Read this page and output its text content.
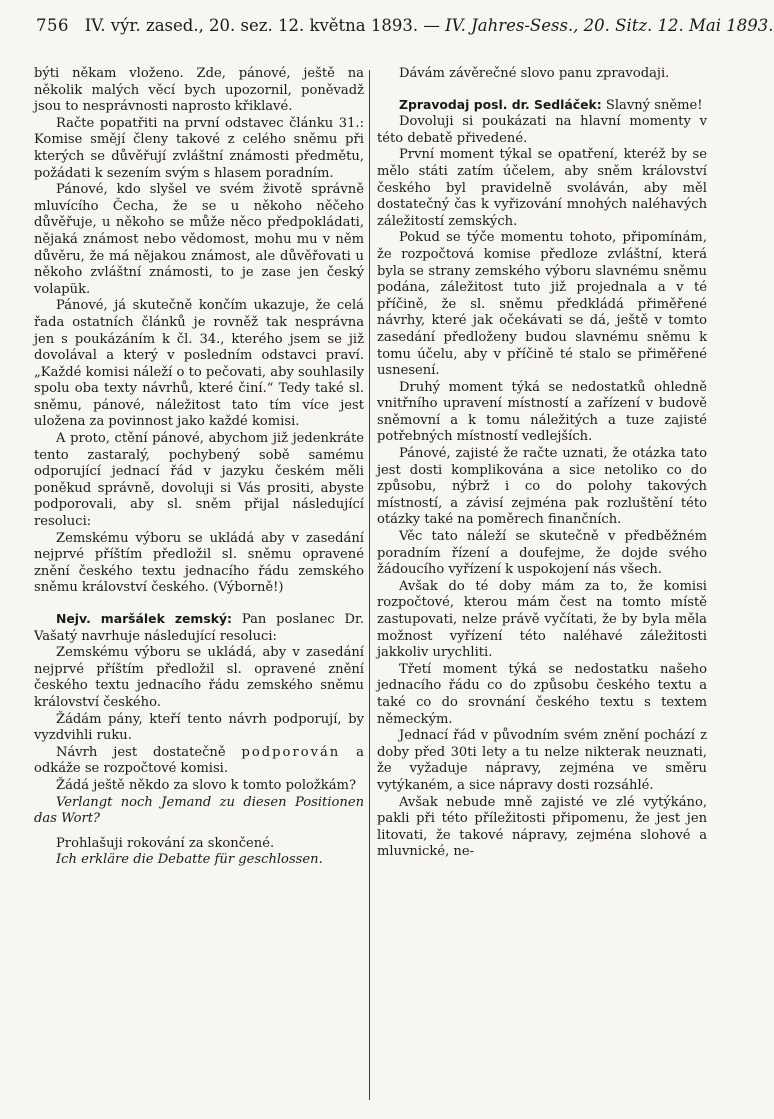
756 IV. výr. zased., 20. sez. 12. května 1893. — IV. Jahres-Sess., 20. Sitz. 12. Mai 1893.

býti někam vloženo. Zde, pánové, ještě na několik malých věcí bych upozornil, poněvadž jsou to nesprávnosti naprosto křiklavé.

Račte popatřiti na první odstavec článku 31.: Komise smějí členy takové z celého sněmu při kterých se důvěřují zvláštní známosti předmětu, požádati k sezením svým s hlasem poradním.

Pánové, kdo slyšel ve svém životě správně mluvícího Čecha, že se u někoho něčeho důvěřuje, u někoho se může něco předpokládati, nějaká známost nebo vědomost, mohu mu v něm důvěru, že má nějakou známost, ale důvěřovati u někoho zvláštní známosti, to je zase jen český volapük.

Pánové, já skutečně končím ukazuje, že celá řada ostatních článků je rovněž tak nesprávna jen s poukázáním k čl. 34., kterého jsem se již dovolával a který v posledním odstavci praví. „Každé komisi náleží o to pečovati, aby souhlasily spolu oba texty návrhů, které činí.“ Tedy také sl. sněmu, pánové, náležitost tato tím více jest uložena za povinnost jako každé komisi.

A proto, ctění pánové, abychom již jedenkráte tento zastaralý, pochybený sobě samému odporující jednací řád v jazyku českém měli poněkud správně, dovoluji si Vás prositi, abyste podporovali, aby sl. sněm přijal následující resoluci:

Zemskému výboru se ukládá aby v zasedání nejprvé příštím předložil sl. sněmu opravené znění českého textu jednacího řádu zemského sněmu království českého. (Výborně!)

Nejv. maršálek zemský: Pan poslanec Dr. Vašatý navrhuje následující resoluci:

Zemskému výboru se ukládá, aby v zasedání nejprvé příštím předložil sl. opravené znění českého textu jednacího řádu zemského sněmu království českého.

Žádám pány, kteří tento návrh podporují, by vyzdvihli ruku.

Návrh jest dostatečně podporován a odkáže se rozpočtové komisi.

Žádá ještě někdo za slovo k tomto položkám?

Verlangt noch Jemand zu diesen Positionen das Wort?

Prohlašuji rokování za skončené.

Ich erkläre die Debatte für geschlossen.

Dávám závěrečné slovo panu zpravodaji.

Zpravodaj posl. dr. Sedláček: Slavný sněme!

Dovoluji si poukázati na hlavní momenty v této debatě přivedené.

První moment týkal se opatření, kteréž by se mělo státi zatím účelem, aby sněm království českého byl pravidelně svoláván, aby měl dostatečný čas k vyřizování mnohých naléhavých záležitostí zemských.

Pokud se týče momentu tohoto, připomínám, že rozpočtová komise předloze zvláštní, která byla se strany zemského výboru slavnému sněmu podána, záležitost tuto již projednala a v té příčině, že sl. sněmu předkládá přiměřené návrhy, které jak očekávati se dá, ještě v tomto zasedání předloženy budou slavnému sněmu k tomu účelu, aby v příčině té stalo se přiměřené usnesení.

Druhý moment týká se nedostatků ohledně vnitřního upravení místností a zařízení v budově sněmovní a k tomu náležitých a tuze zajisté potřebných místností vedlejších.

Pánové, zajisté že račte uznati, že otázka tato jest dosti komplikována a sice netoliko co do způsobu, nýbrž i co do polohy takových místností, a závisí zejména pak rozluštění této otázky také na poměrech finančních.

Věc tato náleží se skutečně v předběžném poradním řízení a doufejme, že dojde svého žádoucího vyřízení k uspokojení nás všech.

Avšak do té doby mám za to, že komisi rozpočtové, kterou mám čest na tomto místě zastupovati, nelze právě vyčítati, že by byla měla možnost vyřízení této naléhavé záležitosti jakkoliv urychliti.

Třetí moment týká se nedostatku našeho jednacího řádu co do způsobu českého textu a také co do srovnání českého textu s textem německým.

Jednací řád v původním svém znění pochází z doby před 30ti lety a tu nelze nikterak neuznati, že vyžaduje nápravy, zejména ve směru vytýkaném, a sice nápravy dosti rozsáhlé.

Avšak nebude mně zajisté ve zlé vytýkáno, pakli při této příležitosti připomenu, že jest jen litovati, že takové nápravy, zejména slohové a mluvnické, ne-
